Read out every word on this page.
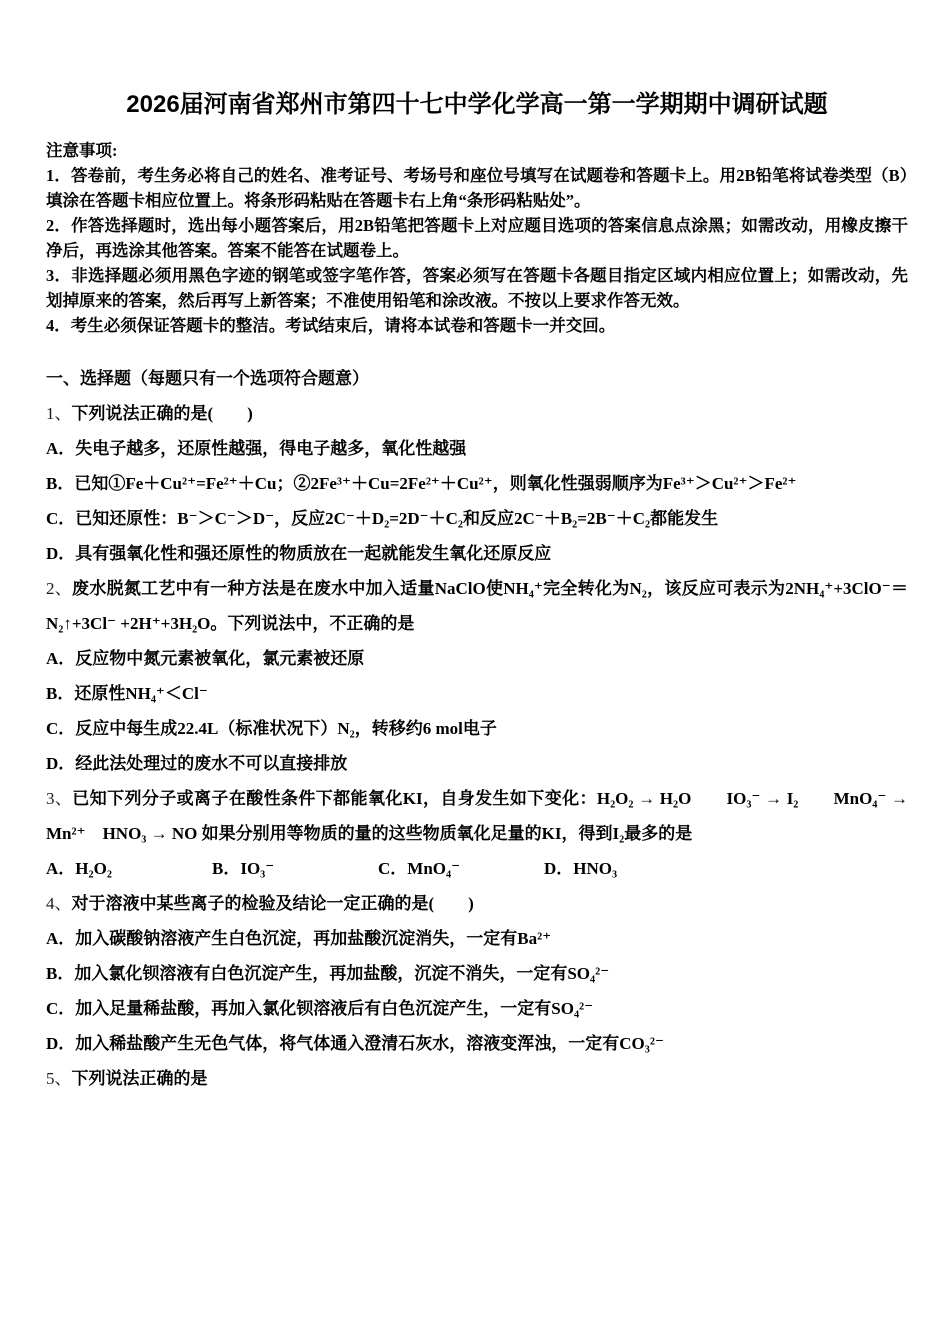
2026届河南省郑州市第四十七中学化学高一第一学期期中调研试题

注意事项:

1．答卷前，考生务必将自己的姓名、准考证号、考场号和座位号填写在试题卷和答题卡上。用2B铅笔将试卷类型（B）填涂在答题卡相应位置上。将条形码粘贴在答题卡右上角“条形码粘贴处”。

2．作答选择题时，选出每小题答案后，用2B铅笔把答题卡上对应题目选项的答案信息点涂黑；如需改动，用橡皮擦干净后，再选涂其他答案。答案不能答在试题卷上。

3．非选择题必须用黑色字迹的钢笔或签字笔作答，答案必须写在答题卡各题目指定区域内相应位置上；如需改动，先划掉原来的答案，然后再写上新答案；不准使用铅笔和涂改液。不按以上要求作答无效。

4．考生必须保证答题卡的整洁。考试结束后，请将本试卷和答题卡一并交回。

一、选择题（每题只有一个选项符合题意）

1、下列说法正确的是(　　)

A．失电子越多，还原性越强，得电子越多，氧化性越强

B．已知①Fe＋Cu²⁺=Fe²⁺＋Cu；②2Fe³⁺＋Cu=2Fe²⁺＋Cu²⁺，则氧化性强弱顺序为Fe³⁺＞Cu²⁺＞Fe²⁺

C．已知还原性：B⁻＞C⁻＞D⁻，反应2C⁻＋D₂=2D⁻＋C₂和反应2C⁻＋B₂=2B⁻＋C₂都能发生

D．具有强氧化性和强还原性的物质放在一起就能发生氧化还原反应

2、废水脱氮工艺中有一种方法是在废水中加入适量NaClO使NH₄⁺完全转化为N₂，该反应可表示为2NH₄⁺+3ClO⁻＝N₂↑+3Cl⁻ +2H⁺+3H₂O。下列说法中，不正确的是

A．反应物中氮元素被氧化，氯元素被还原

B．还原性NH₄⁺＜Cl⁻

C．反应中每生成22.4L（标准状况下）N₂，转移约6 mol电子

D．经此法处理过的废水不可以直接排放

3、已知下列分子或离子在酸性条件下都能氧化KI，自身发生如下变化：H₂O₂ → H₂O　　IO₃⁻ → I₂　　MnO₄⁻ → Mn²⁺　HNO₃ → NO 如果分别用等物质的量的这些物质氧化足量的KI，得到I₂最多的是

A．H₂O₂	B．IO₃⁻	C．MnO₄⁻	D．HNO₃

4、对于溶液中某些离子的检验及结论一定正确的是(　　)

A．加入碳酸钠溶液产生白色沉淀，再加盐酸沉淀消失，一定有Ba²⁺

B．加入氯化钡溶液有白色沉淀产生，再加盐酸，沉淀不消失，一定有SO₄²⁻

C．加入足量稀盐酸，再加入氯化钡溶液后有白色沉淀产生，一定有SO₄²⁻

D．加入稀盐酸产生无色气体，将气体通入澄清石灰水，溶液变浑浊，一定有CO₃²⁻

5、下列说法正确的是
